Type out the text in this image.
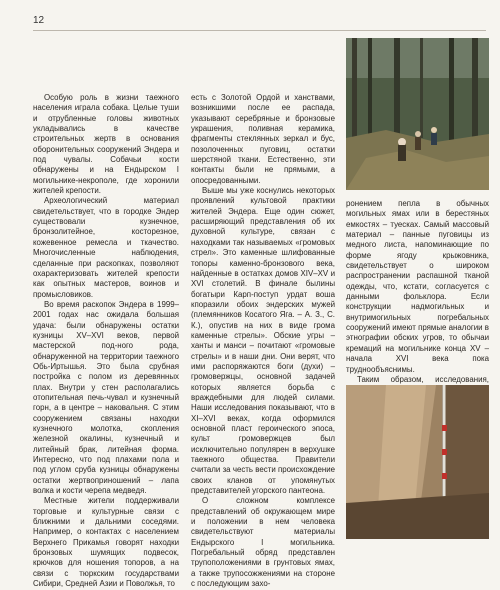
12

Особую роль в жизни таежного населения играла собака. Целые туши и отрубленные головы животных укладывались в качестве строительных жертв в основания оборонительных сооружений Эндера и под чувалы. Собачьи кости обнаружены и на Ендырском I могильнике-некрополе, где хоронили жителей крепости.

Археологический материал свидетельствует, что в городке Эндер существовали кузнечное, бронзолитейное, косторезное, кожевенное ремесла и ткачество. Многочисленные наблюдения, сделанные при раскопках, позволяют охарактеризовать жителей крепости как опытных мастеров, воинов и промысловиков.

Во время раскопок Эндера в 1999–2001 годах нас ожидала большая удача: были обнаружены остатки кузницы XV–XVI веков, первой мастерской под-ного рода, обнаруженной на территории таежного Обь-Иртышья. Это была срубная постройка с полом из деревянных плах. Внутри у стен располагались отопительная печь-чувал и кузнечный горн, а в центре – наковальня. С этим сооружением связаны находки кузнечного молотка, скопления железной окалины, кузнечный и литейный брак, литейная форма. Интересно, что под плахами пола и под углом сруба кузницы обнаружены остатки жертвоприношений – лапа волка и кости черепа медведя.

Местные жители поддерживали торговые и культурные связи с ближними и дальними соседями. Например, о контактах с населением Верхнего Прикамья говорят находки бронзовых шумящих подвесок, крючков для ношения топоров, а на связи с тюркским государствами Сибири, Средней Азии и Поволжья, то

есть с Золотой Ордой и ханствами, возникшими после ее распада, указывают серебряные и бронзовые украшения, поливная керамика, фрагменты стеклянных зеркал и бус, позолоченных пуговиц, остатки шерстяной ткани. Естественно, эти контакты были не прямыми, а опосредованными.

Выше мы уже коснулись некоторых проявлений культовой практики жителей Эндера. Еще один сюжет, расширяющий представления об их духовной культуре, связан с находками так называемых «громовых стрел». Это каменные шлифованные топоры каменно-бронзового века, найденные в остатках домов XIV–XV и XVI столетий. В финале былины богатыри Карп-поступ урдат воша кпоразили обоих эндерских мужей (племянников Косатого Яга. – А. З., С. К.), опустив на них в виде грома каменные стрелы». Обские угры – ханты и манси – почитают «громовые стрелы» и в наши дни. Они верят, что ими распоряжаются боги (духи) – громовержцы, основной задачей которых является борьба с враждебными для людей силами. Наши исследования показывают, что в XI–XVI веках, когда оформился основной пласт героического эпоса, культ громовержцев был исключительно популярен в верхушке таежного общества. Правители считали за честь вести происхождение своих кланов от упомянутых представителей угорского пантеона.

О сложном комплексе представлений об окружающем мире и положении в нем человека свидетельствуют материалы Ендырского I могильника. Погребальный обряд представлен трупоположениями в грунтовых ямах, а также трупосожжениями на стороне с последующим захо-

ронением пепла в обычных могильных ямах или в берестяных емкостях – туесках. Самый массовый материал – панные пуговицы из медного листа, напоминающие по форме ягоду крыжовника, свидетельствует о широком распространении распашной тканой одежды, что, кстати, согласуется с данными фольклора. Если конструкции надмогильных и внутримогильных погребальных сооружений имеют прямые аналогии в этнографии обских угров, то обычаи кремаций на могильнике конца XV – начала XVI века пока труднообъяснимы.

Таким образом, исследования,
